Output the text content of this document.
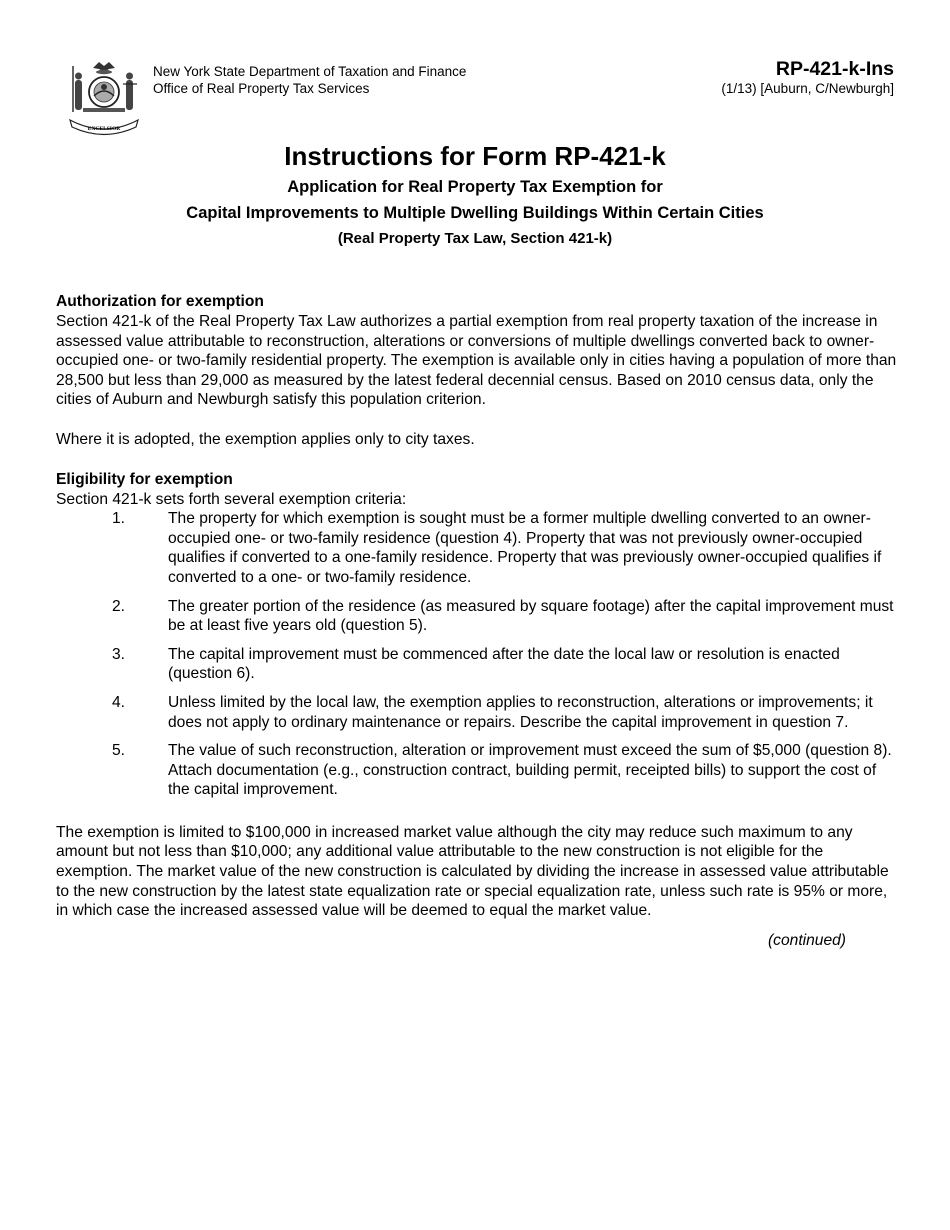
EXCELSIOR
New York State Department of Taxation and Finance
Office of Real Property Tax Services
RP-421-k-Ins
(1/13) [Auburn, C/Newburgh]
Instructions for Form RP-421-k
Application for Real Property Tax Exemption for
Capital Improvements to Multiple Dwelling Buildings Within Certain Cities
(Real Property Tax Law, Section 421-k)
Authorization for exemption

Section 421-k of the Real Property Tax Law authorizes a partial exemption from real property taxation of the increase in assessed value attributable to reconstruction, alterations or conversions of multiple dwellings converted back to owner-occupied one- or two-family residential property. The exemption is available only in cities having a population of more than 28,500 but less than 29,000 as measured by the latest federal decennial census. Based on 2010 census data, only the cities of Auburn and Newburgh satisfy this population criterion.

Where it is adopted, the exemption applies only to city taxes.

Eligibility for exemption

Section 421-k sets forth several exemption criteria:

1.	The property for which exemption is sought must be a former multiple dwelling converted to an owner-occupied one- or two-family residence (question 4). Property that was not previously owner-occupied qualifies if converted to a one-family residence. Property that was previously owner-occupied qualifies if converted to a one- or two-family residence.
2.	The greater portion of the residence (as measured by square footage) after the capital improvement must be at least five years old (question 5).
3.	The capital improvement must be commenced after the date the local law or resolution is enacted (question 6).
4.	Unless limited by the local law, the exemption applies to reconstruction, alterations or improvements; it does not apply to ordinary maintenance or repairs. Describe the capital improvement in question 7.
5.	The value of such reconstruction, alteration or improvement must exceed the sum of $5,000 (question 8). Attach documentation (e.g., construction contract, building permit, receipted bills) to support the cost of the capital improvement.

The exemption is limited to $100,000 in increased market value although the city may reduce such maximum to any amount but not less than $10,000; any additional value attributable to the new construction is not eligible for the exemption. The market value of the new construction is calculated by dividing the increase in assessed value attributable to the new construction by the latest state equalization rate or special equalization rate, unless such rate is 95% or more, in which case the increased assessed value will be deemed to equal the market value.

(continued)
